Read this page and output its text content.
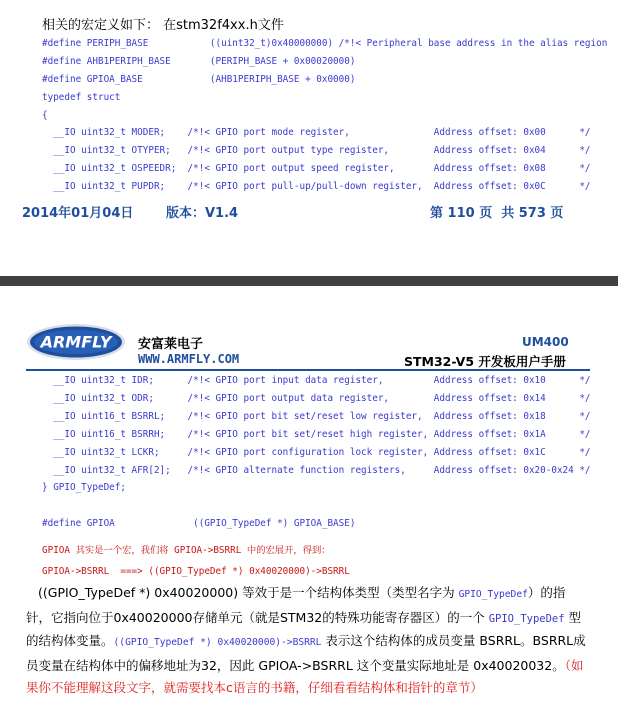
相关的宏定义如下： 在stm32f4xx.h文件
#define PERIPH_BASE           ((uint32_t)0x40000000) /*!< Peripheral base address in the alias region
#define AHB1PERIPH_BASE       (PERIPH_BASE + 0x00020000)
#define GPIOA_BASE            (AHB1PERIPH_BASE + 0x0000)
typedef struct
{
__IO uint32_t MODER;    /*!< GPIO port mode register,               Address offset: 0x00      */
__IO uint32_t OTYPER;   /*!< GPIO port output type register,        Address offset: 0x04      */
__IO uint32_t OSPEEDR;  /*!< GPIO port output speed register,       Address offset: 0x08      */
__IO uint32_t PUPDR;    /*!< GPIO port pull-up/pull-down register,  Address offset: 0x0C      */
2014年01月04日	版本：V1.4	第 110 页  共 573 页
ARMFLY 安富莱电子
WWW.ARMFLY.COM
UM400
STM32-V5 开发板用户手册
__IO uint32_t IDR;      /*!< GPIO port input data register,         Address offset: 0x10      */
__IO uint32_t ODR;      /*!< GPIO port output data register,        Address offset: 0x14      */
__IO uint16_t BSRRL;    /*!< GPIO port bit set/reset low register,  Address offset: 0x18      */
__IO uint16_t BSRRH;    /*!< GPIO port bit set/reset high register, Address offset: 0x1A      */
__IO uint32_t LCKR;     /*!< GPIO port configuration lock register, Address offset: 0x1C      */
__IO uint32_t AFR[2];   /*!< GPIO alternate function registers,     Address offset: 0x20-0x24 */
} GPIO_TypeDef;
#define GPIOA              ((GPIO_TypeDef *) GPIOA_BASE)
GPIOA 其实是一个宏，我们将 GPIOA->BSRRL 中的宏展开，得到：
GPIOA->BSRRL  ===> ((GPIO_TypeDef *) 0x40020000)->BSRRL
((GPIO_TypeDef *) 0x40020000) 等效于是一个结构体类型（类型名字为 GPIO_TypeDef）的指针，它指向位于0x40020000存储单元（就是STM32的特殊功能寄存器区）的一个 GPIO_TypeDef 型的结构体变量。((GPIO_TypeDef *) 0x40020000)->BSRRL 表示这个结构体的成员变量 BSRRL。BSRRL成员变量在结构体中的偏移地址为32，因此 GPIOA->BSRRL 这个变量实际地址是 0x40020032。（如果你不能理解这段文字，就需要找本c语言的书籍，仔细看看结构体和指针的章节）
